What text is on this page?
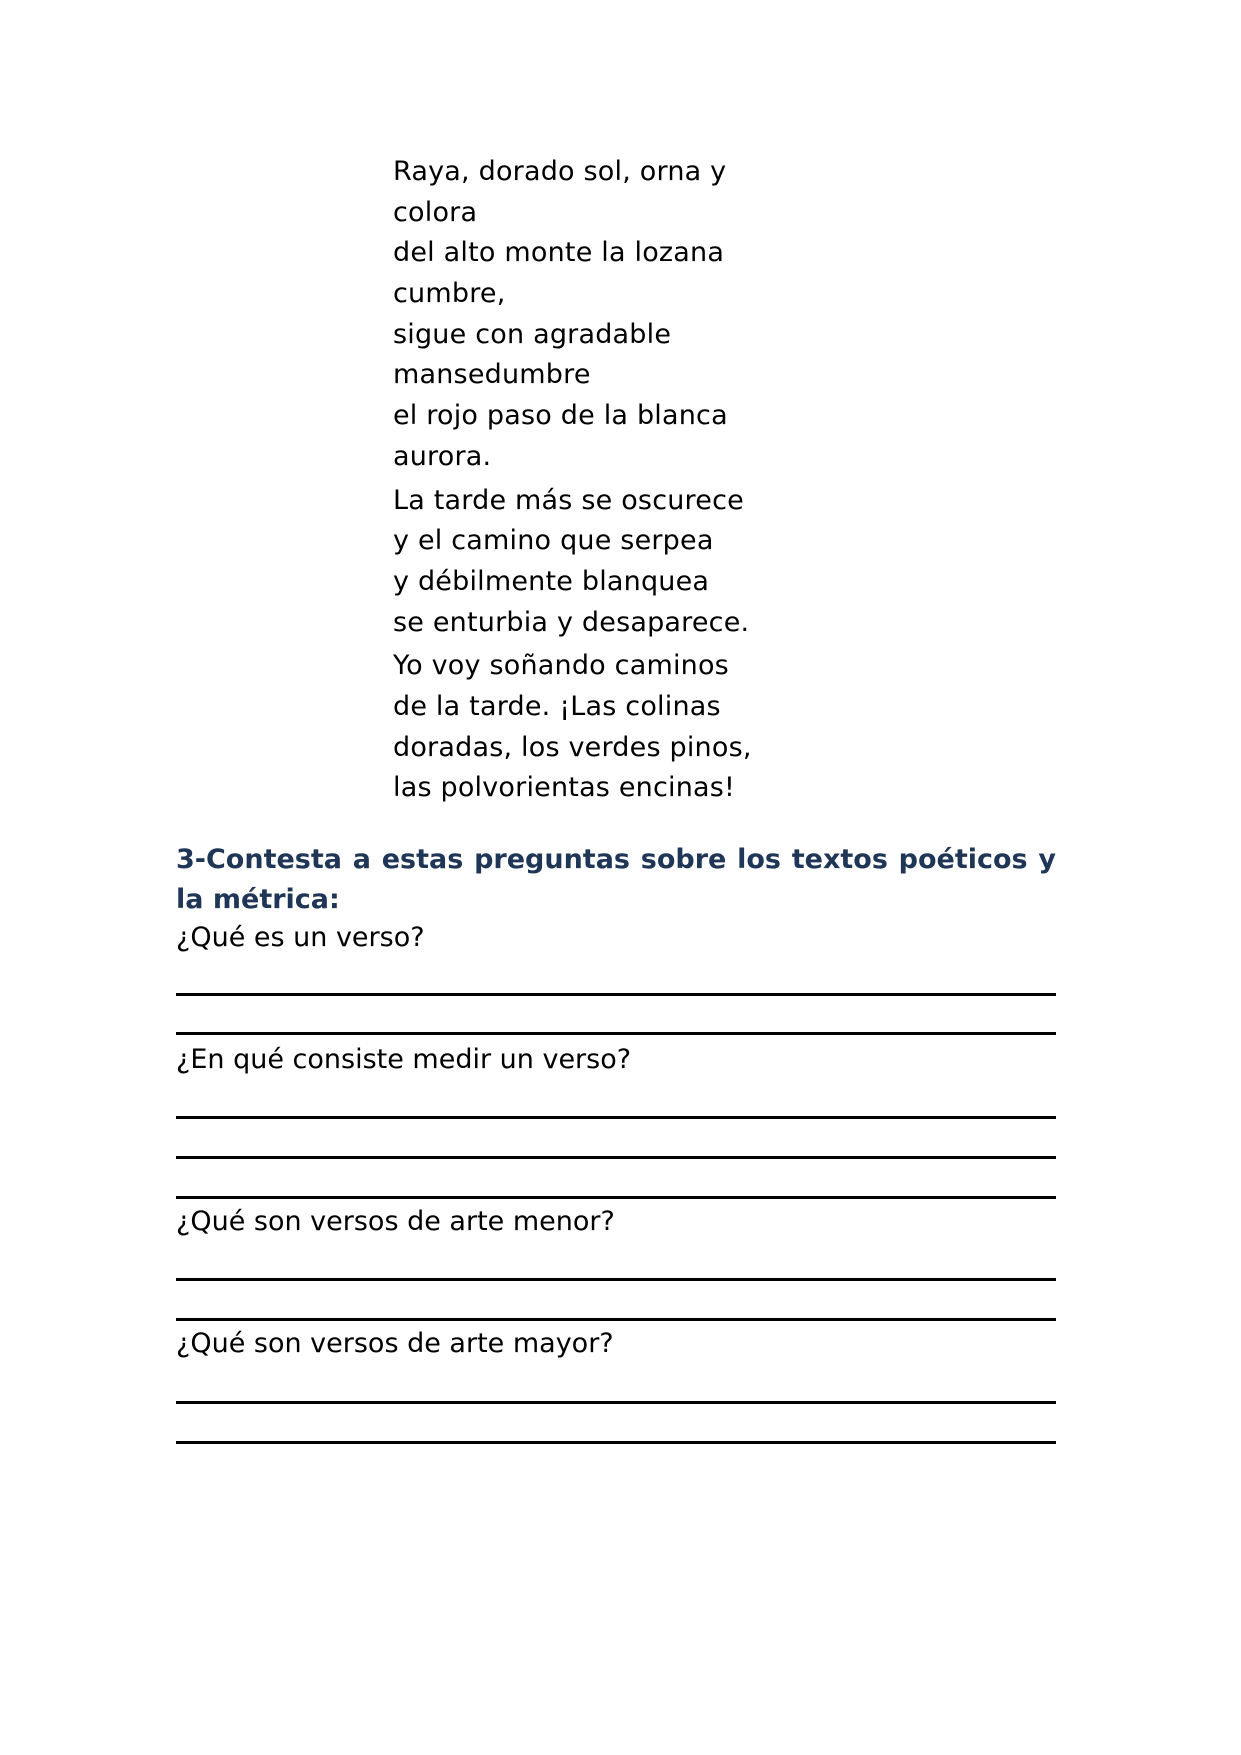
Raya, dorado sol, orna y
colora
del alto monte la lozana
cumbre,
sigue con agradable
mansedumbre
el rojo paso de la blanca
aurora.
La tarde más se oscurece
y el camino que serpea
y débilmente blanquea
se enturbia y desaparece.
Yo voy soñando caminos
de la tarde. ¡Las colinas
doradas, los verdes pinos,
las polvorientas encinas!

3-Contesta a estas preguntas sobre los textos poéticos y la métrica:

¿Qué es un verso?

¿En qué consiste medir un verso?

¿Qué son versos de arte menor?

¿Qué son versos de arte mayor?
